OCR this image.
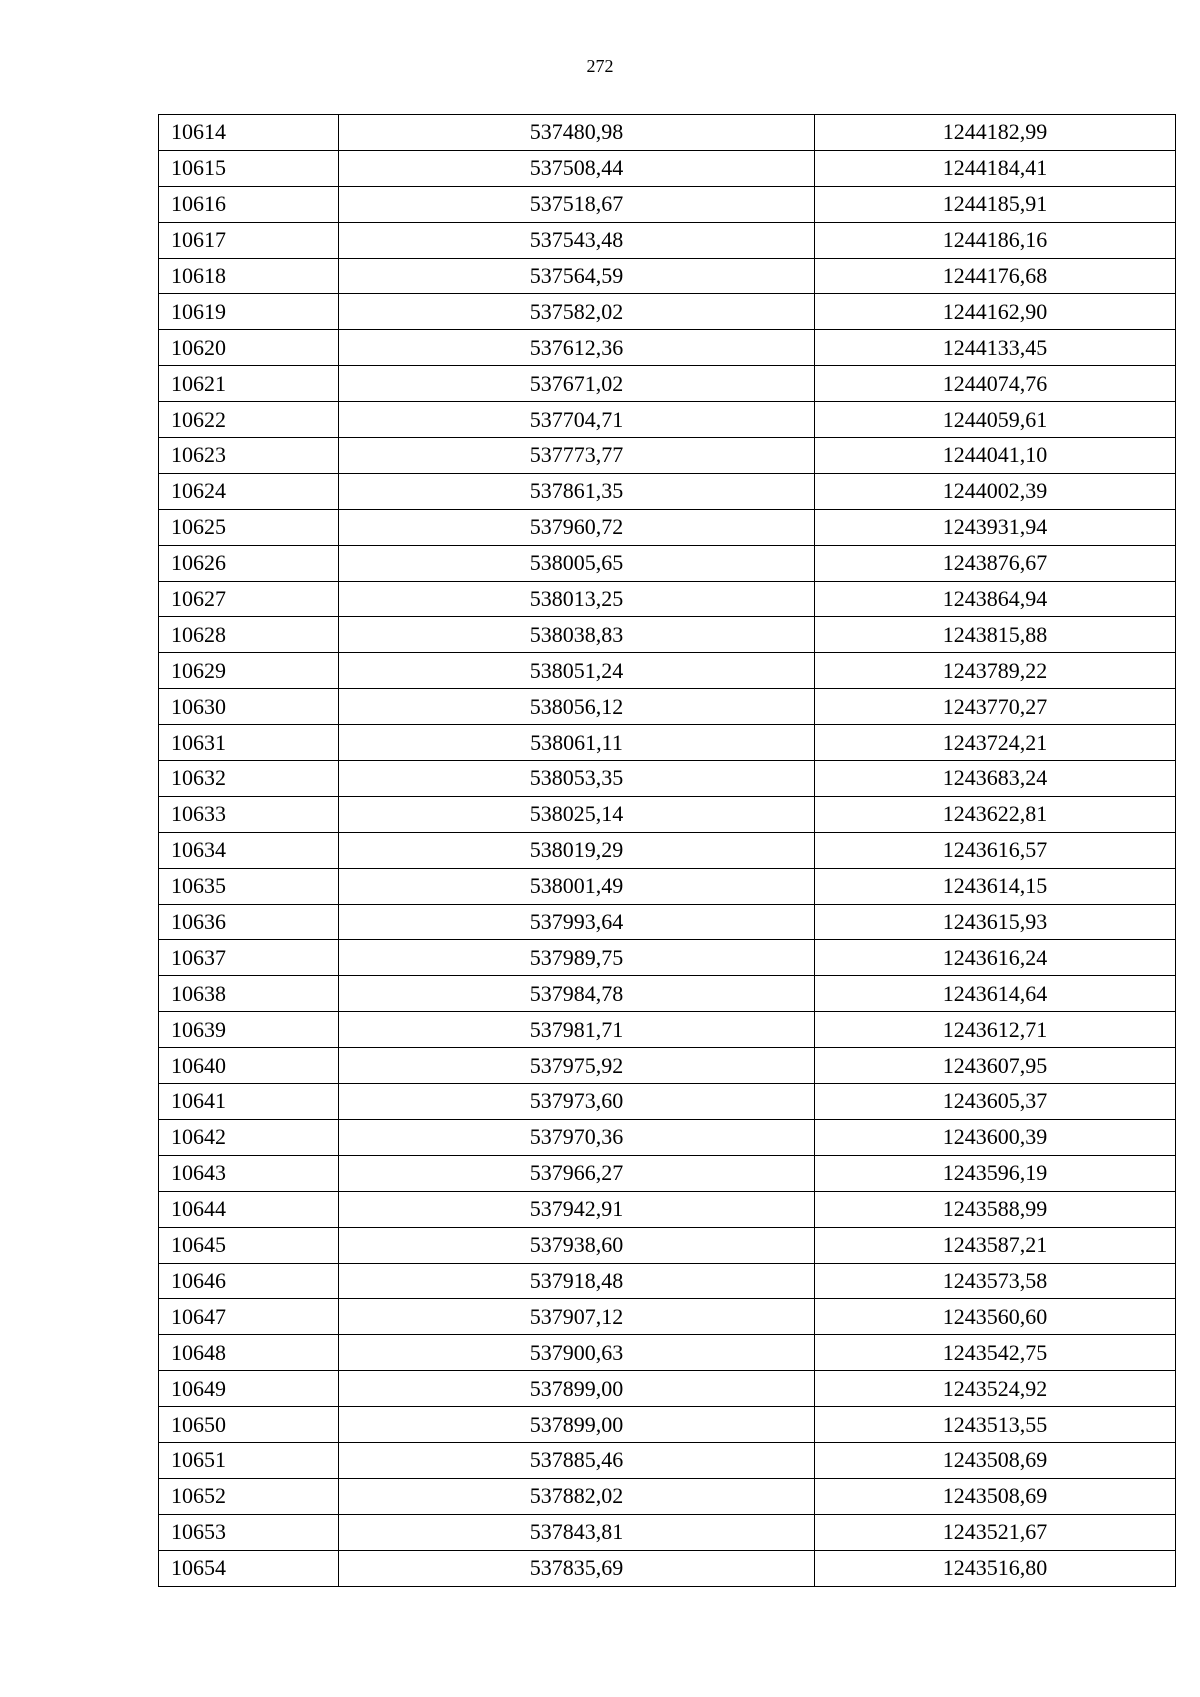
272
10614	537480,98	1244182,99
10615	537508,44	1244184,41
10616	537518,67	1244185,91
10617	537543,48	1244186,16
10618	537564,59	1244176,68
10619	537582,02	1244162,90
10620	537612,36	1244133,45
10621	537671,02	1244074,76
10622	537704,71	1244059,61
10623	537773,77	1244041,10
10624	537861,35	1244002,39
10625	537960,72	1243931,94
10626	538005,65	1243876,67
10627	538013,25	1243864,94
10628	538038,83	1243815,88
10629	538051,24	1243789,22
10630	538056,12	1243770,27
10631	538061,11	1243724,21
10632	538053,35	1243683,24
10633	538025,14	1243622,81
10634	538019,29	1243616,57
10635	538001,49	1243614,15
10636	537993,64	1243615,93
10637	537989,75	1243616,24
10638	537984,78	1243614,64
10639	537981,71	1243612,71
10640	537975,92	1243607,95
10641	537973,60	1243605,37
10642	537970,36	1243600,39
10643	537966,27	1243596,19
10644	537942,91	1243588,99
10645	537938,60	1243587,21
10646	537918,48	1243573,58
10647	537907,12	1243560,60
10648	537900,63	1243542,75
10649	537899,00	1243524,92
10650	537899,00	1243513,55
10651	537885,46	1243508,69
10652	537882,02	1243508,69
10653	537843,81	1243521,67
10654	537835,69	1243516,80
